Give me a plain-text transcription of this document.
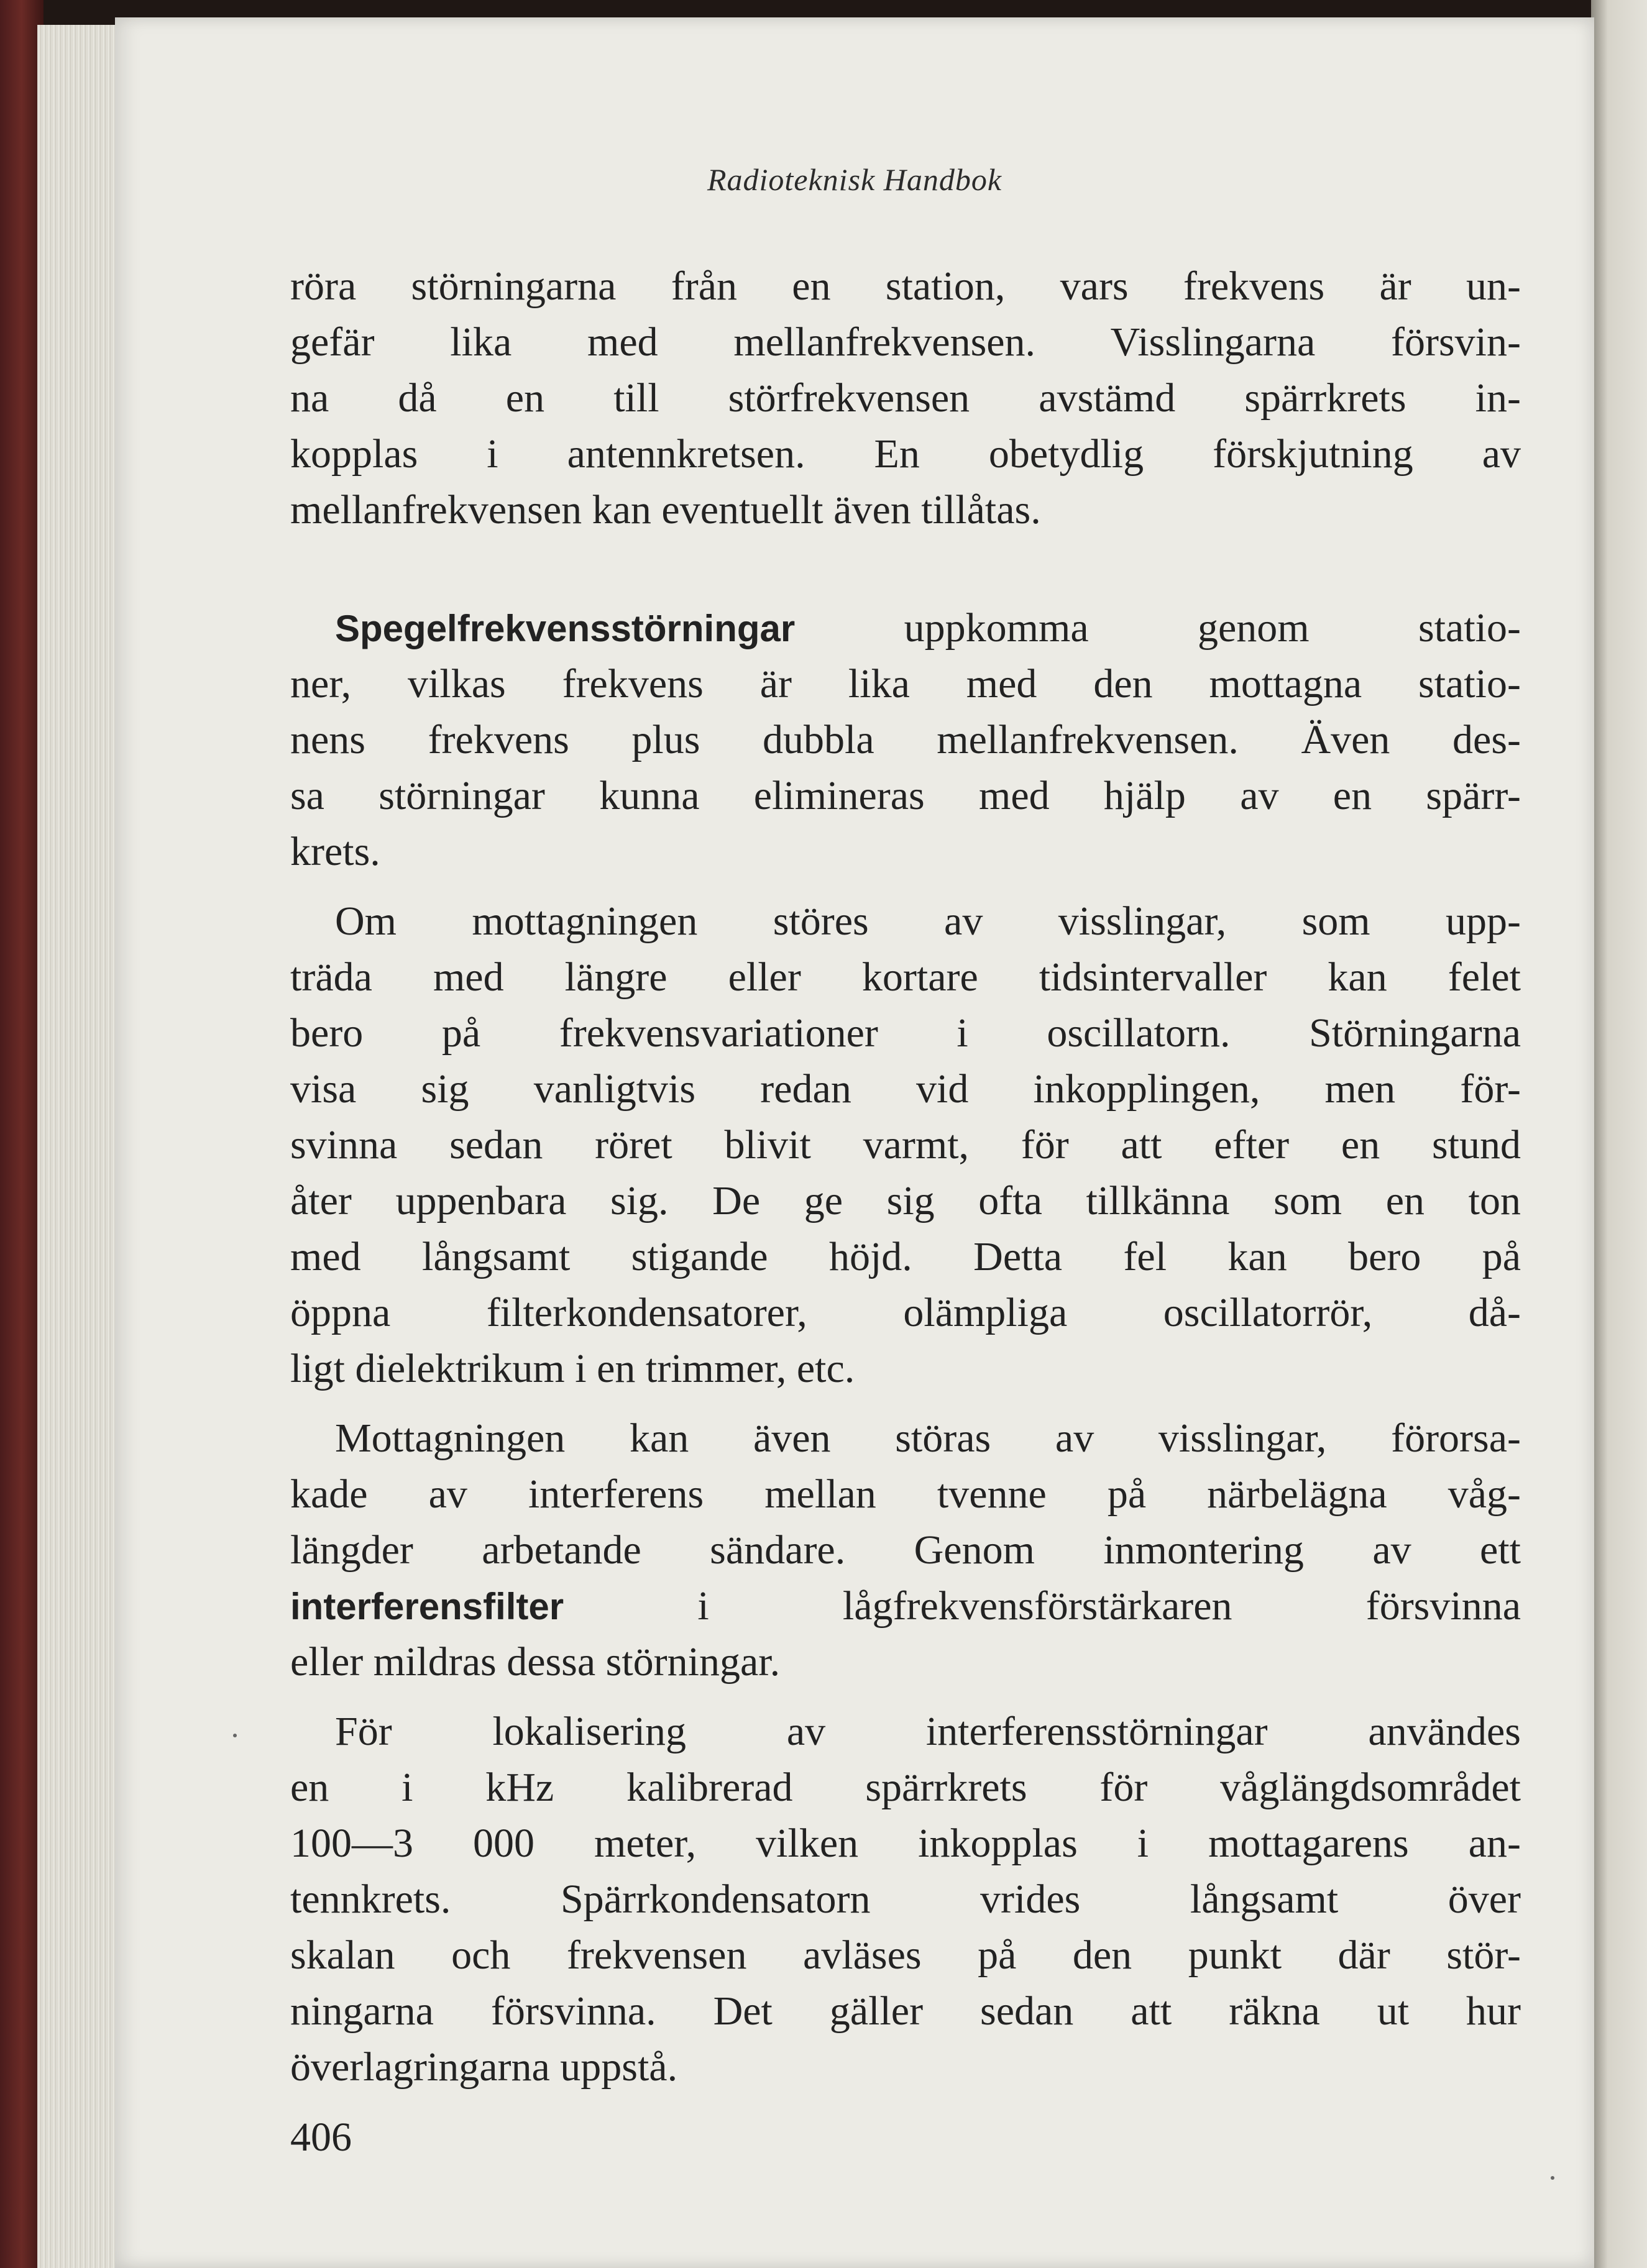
Radioteknisk Handbok
röra störningarna från en station, vars frekvens är un-
gefär lika med mellanfrekvensen. Visslingarna försvin-
na då en till störfrekvensen avstämd spärrkrets in-
kopplas i antennkretsen. En obetydlig förskjutning av
mellanfrekvensen kan eventuellt även tillåtas.
Spegelfrekvensstörningar uppkomma genom statio-
ner, vilkas frekvens är lika med den mottagna statio-
nens frekvens plus dubbla mellanfrekvensen. Även des-
sa störningar kunna elimineras med hjälp av en spärr-
krets.
Om mottagningen störes av visslingar, som upp-
träda med längre eller kortare tidsintervaller kan felet
bero på frekvensvariationer i oscillatorn. Störningarna
visa sig vanligtvis redan vid inkopplingen, men för-
svinna sedan röret blivit varmt, för att efter en stund
åter uppenbara sig. De ge sig ofta tillkänna som en ton
med långsamt stigande höjd. Detta fel kan bero på
öppna filterkondensatorer, olämpliga oscillatorrör, då-
ligt dielektrikum i en trimmer, etc.
Mottagningen kan även störas av visslingar, förorsa-
kade av interferens mellan tvenne på närbelägna våg-
längder arbetande sändare. Genom inmontering av ett
interferensfilter i lågfrekvensförstärkaren försvinna
eller mildras dessa störningar.
För lokalisering av interferensstörningar användes
en i kHz kalibrerad spärrkrets för våglängdsområdet
100—3 000 meter, vilken inkopplas i mottagarens an-
tennkrets. Spärrkondensatorn vrides långsamt över
skalan och frekvensen avläses på den punkt där stör-
ningarna försvinna. Det gäller sedan att räkna ut hur
överlagringarna uppstå.
406
